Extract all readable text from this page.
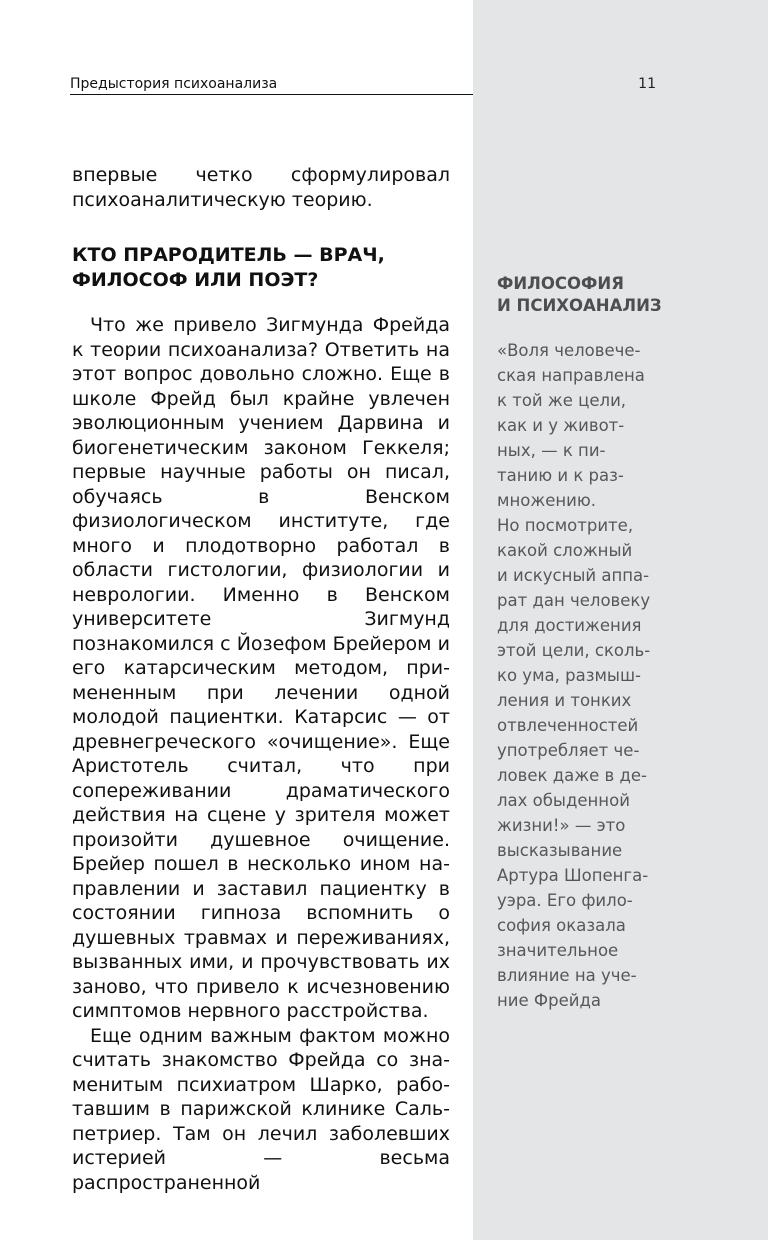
Предыстория психоанализа	11

впервые четко сформулировал психоаналитическую теорию.

КТО ПРАРОДИТЕЛЬ — ВРАЧ,
ФИЛОСОФ ИЛИ ПОЭТ?

Что же привело Зигмунда Фрейда к теории психоанализа? Ответить на этот вопрос довольно сложно. Еще в школе Фрейд был крайне увлечен эволюционным учением Дарвина и биогенетическим законом Геккеля; первые научные работы он писал, обучаясь в Венском физиологическом институте, где много и плодотворно работал в области гистологии, физиологии и неврологии. Именно в Венском университете Зигмунд познакомился с Йозефом Брейером и его катарсическим методом, примененным при лечении одной молодой пациентки. Катарсис — от древнегреческого «очищение». Еще Аристотель считал, что при сопереживании драматического действия на сцене у зрителя может произойти душевное очищение. Брейер пошел в несколько ином направлении и заставил пациентку в состоянии гипноза вспомнить о душевных травмах и переживаниях, вызванных ими, и прочувствовать их заново, что привело к исчезновению симптомов нервного расстройства.

Еще одним важным фактом можно считать знакомство Фрейда со знаменитым психиатром Шарко, работавшим в парижской клинике Сальпетриер. Там он лечил заболевших истерией — весьма распространенной

ФИЛОСОФИЯ
И ПСИХОАНАЛИЗ
«Воля человече-
ская направлена
к той же цели,
как и у живот-
ных, — к пи-
танию и к раз-
множению.
Но посмотрите,
какой сложный
и искусный аппа-
рат дан человеку
для достижения
этой цели, сколь-
ко ума, размыш-
ления и тонких
отвлеченностей
употребляет че-
ловек даже в де-
лах обыденной
жизни!» — это
высказывание
Артура Шопенга-
уэра. Его фило-
софия оказала
значительное
влияние на уче-
ние Фрейда
